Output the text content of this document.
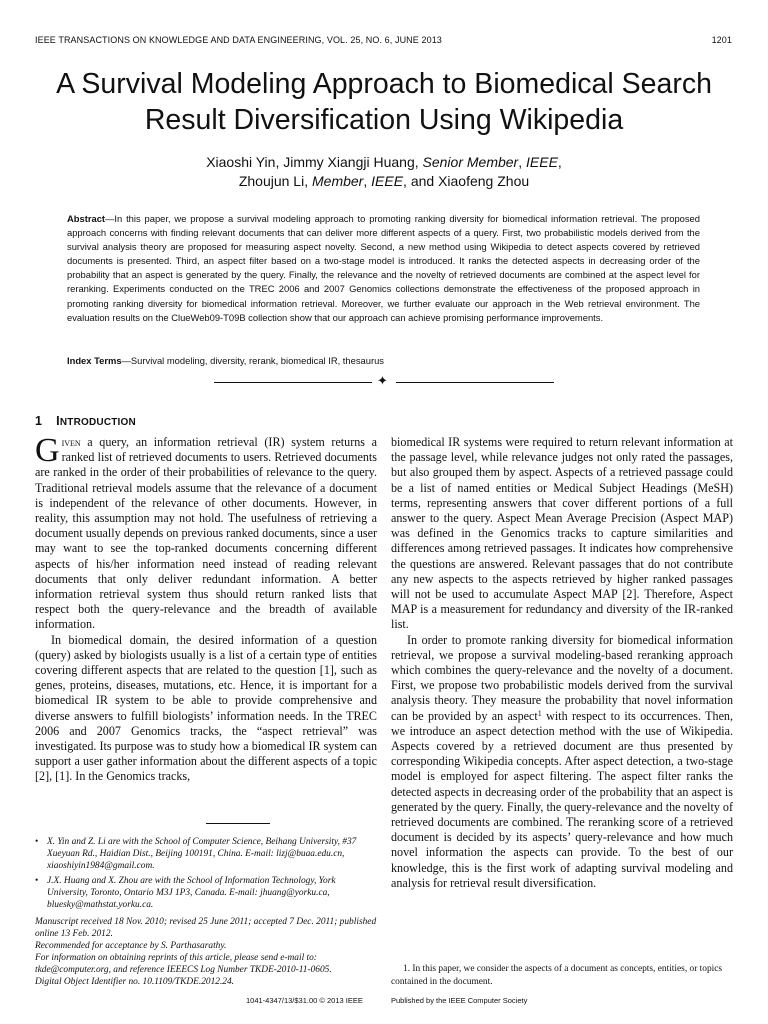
IEEE TRANSACTIONS ON KNOWLEDGE AND DATA ENGINEERING, VOL. 25, NO. 6, JUNE 2013	1201
A Survival Modeling Approach to Biomedical Search Result Diversification Using Wikipedia
Xiaoshi Yin, Jimmy Xiangji Huang, Senior Member, IEEE,
Zhoujun Li, Member, IEEE, and Xiaofeng Zhou
Abstract—In this paper, we propose a survival modeling approach to promoting ranking diversity for biomedical information retrieval. The proposed approach concerns with finding relevant documents that can deliver more different aspects of a query. First, two probabilistic models derived from the survival analysis theory are proposed for measuring aspect novelty. Second, a new method using Wikipedia to detect aspects covered by retrieved documents is presented. Third, an aspect filter based on a two-stage model is introduced. It ranks the detected aspects in decreasing order of the probability that an aspect is generated by the query. Finally, the relevance and the novelty of retrieved documents are combined at the aspect level for reranking. Experiments conducted on the TREC 2006 and 2007 Genomics collections demonstrate the effectiveness of the proposed approach in promoting ranking diversity for biomedical information retrieval. Moreover, we further evaluate our approach in the Web retrieval environment. The evaluation results on the ClueWeb09-T09B collection show that our approach can achieve promising performance improvements.
Index Terms—Survival modeling, diversity, rerank, biomedical IR, thesaurus
✦
1 INTRODUCTION

Given a query, an information retrieval (IR) system returns a ranked list of retrieved documents to users. Retrieved documents are ranked in the order of their probabilities of relevance to the query. Traditional retrieval models assume that the relevance of a document is independent of the relevance of other documents. However, in reality, this assumption may not hold. The usefulness of retrieving a document usually depends on previous ranked documents, since a user may want to see the top-ranked documents concerning different aspects of his/her information need instead of reading relevant documents that only deliver redundant information. A better information retrieval system thus should return ranked lists that respect both the query-relevance and the breadth of available information.

In biomedical domain, the desired information of a question (query) asked by biologists usually is a list of a certain type of entities covering different aspects that are related to the question [1], such as genes, proteins, diseases, mutations, etc. Hence, it is important for a biomedical IR system to be able to provide comprehensive and diverse answers to fulfill biologists’ information needs. In the TREC 2006 and 2007 Genomics tracks, the “aspect retrieval” was investigated. Its purpose was to study how a biomedical IR system can support a user gather information about the different aspects of a topic [2], [1]. In the Genomics tracks,

• X. Yin and Z. Li are with the School of Computer Science, Beihang University, #37 Xueyuan Rd., Haidian Dist., Beijing 100191, China. E-mail: lizj@buaa.edu.cn, xiaoshiyin1984@gmail.com.
• J.X. Huang and X. Zhou are with the School of Information Technology, York University, Toronto, Ontario M3J 1P3, Canada. E-mail: jhuang@yorku.ca, bluesky@mathstat.yorku.ca.
Manuscript received 18 Nov. 2010; revised 25 June 2011; accepted 7 Dec. 2011; published online 13 Feb. 2012.
Recommended for acceptance by S. Parthasarathy.
For information on obtaining reprints of this article, please send e-mail to: tkde@computer.org, and reference IEEECS Log Number TKDE-2010-11-0605.
Digital Object Identifier no. 10.1109/TKDE.2012.24.

biomedical IR systems were required to return relevant information at the passage level, while relevance judges not only rated the passages, but also grouped them by aspect. Aspects of a retrieved passage could be a list of named entities or Medical Subject Headings (MeSH) terms, representing answers that cover different portions of a full answer to the query. Aspect Mean Average Precision (Aspect MAP) was defined in the Genomics tracks to capture similarities and differences among retrieved passages. It indicates how comprehensive the questions are answered. Relevant passages that do not contribute any new aspects to the aspects retrieved by higher ranked passages will not be used to accumulate Aspect MAP [2]. Therefore, Aspect MAP is a measurement for redundancy and diversity of the IR-ranked list.

In order to promote ranking diversity for biomedical information retrieval, we propose a survival modeling-based reranking approach which combines the query-relevance and the novelty of a document. First, we propose two probabilistic models derived from the survival analysis theory. They measure the probability that novel information can be provided by an aspect$^1$ with respect to its occurrences. Then, we introduce an aspect detection method with the use of Wikipedia. Aspects covered by a retrieved document are thus presented by corresponding Wikipedia concepts. After aspect detection, a two-stage model is employed for aspect filtering. The aspect filter ranks the detected aspects in decreasing order of the probability that an aspect is generated by the query. Finally, the query-relevance and the novelty of retrieved documents are combined. The reranking score of a retrieved document is decided by its aspects’ query-relevance and how much novel information the aspects can provide. To the best of our knowledge, this is the first work of adapting survival modeling and analysis for retrieval result diversification.

1. In this paper, we consider the aspects of a document as concepts, entities, or topics contained in the document.
1041-4347/13/$31.00 © 2013 IEEE	Published by the IEEE Computer Society
